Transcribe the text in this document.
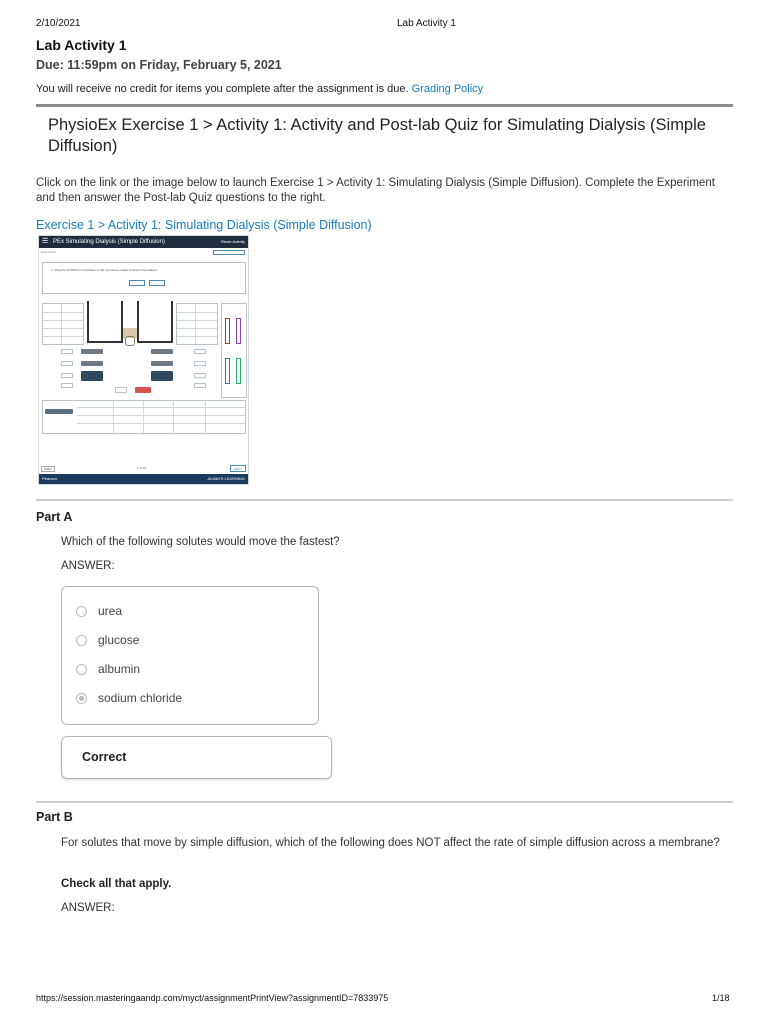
2/10/2021	Lab Activity 1
Lab Activity 1
Due: 11:59pm on Friday, February 5, 2021
You will receive no credit for items you complete after the assignment is due. Grading Policy
PhysioEx Exercise 1 > Activity 1: Activity and Post-lab Quiz for Simulating Dialysis (Simple Diffusion)
Click on the link or the image below to launch Exercise 1 > Activity 1: Simulating Dialysis (Simple Diffusion). Complete the Experiment and then answer the Post-lab Quiz questions to the right.
Exercise 1 > Activity 1: Simulating Dialysis (Simple Diffusion)
☰ PEx Simulating Dialysis (Simple Diffusion)	Reset Activity
Experiment
1. Drag the 20 MWCO membrane to the membrane holder between the beakers.
PREV	1 of 15	NEXT
Pearson	ALWAYS LEARNING
Part A
Which of the following solutes would move the fastest?
ANSWER:
urea
glucose
albumin
sodium chloride
Correct
Part B
For solutes that move by simple diffusion, which of the following does NOT affect the rate of simple diffusion across a membrane?
Check all that apply.
ANSWER:
https://session.masteringaandp.com/myct/assignmentPrintView?assignmentID=7833975	1/18
